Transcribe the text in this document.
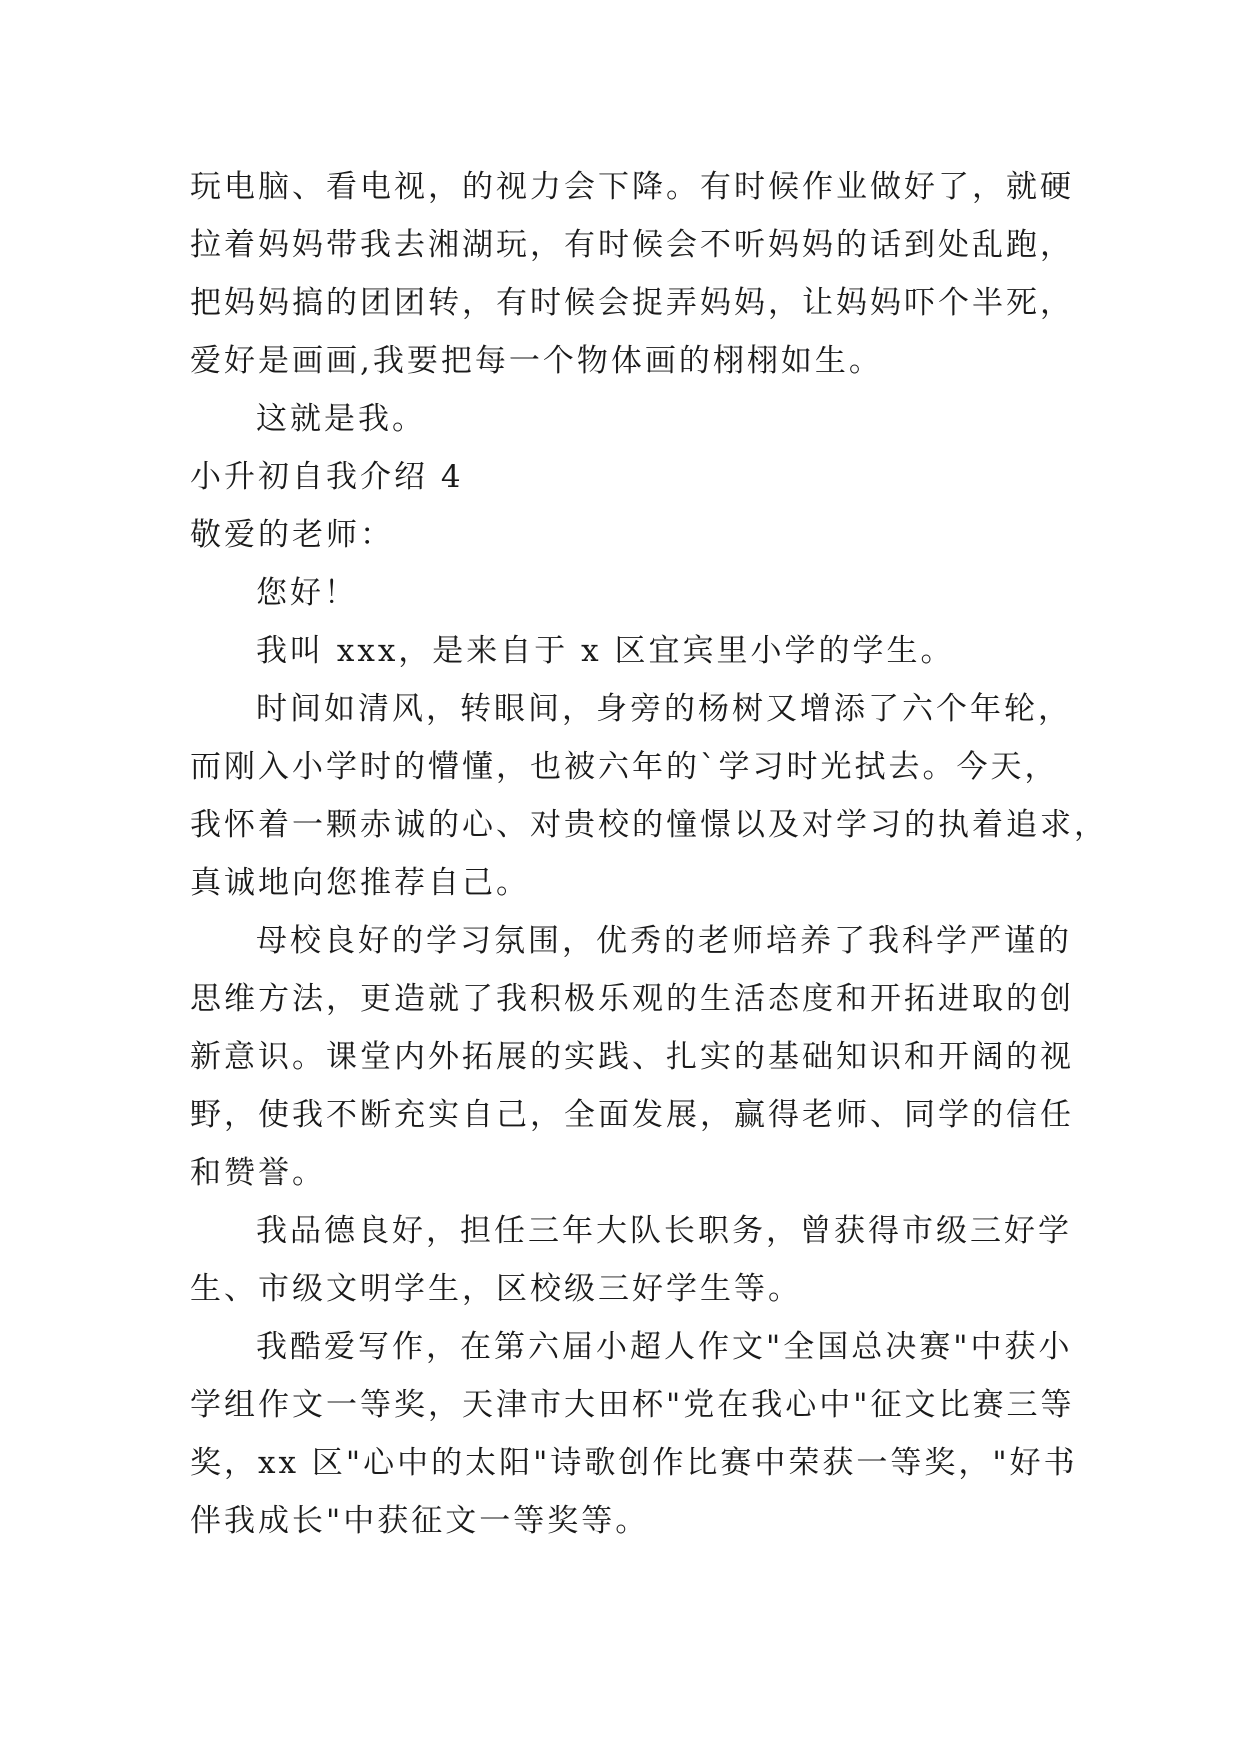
玩电脑、看电视，的视力会下降。有时候作业做好了，就硬
拉着妈妈带我去湘湖玩，有时候会不听妈妈的话到处乱跑，
把妈妈搞的团团转，有时候会捉弄妈妈，让妈妈吓个半死，
爱好是画画,我要把每一个物体画的栩栩如生。
这就是我。
小升初自我介绍 4
敬爱的老师：
您好！
我叫 xxx，是来自于 x 区宜宾里小学的学生。
时间如清风，转眼间，身旁的杨树又增添了六个年轮，
而刚入小学时的懵懂，也被六年的`学习时光拭去。今天，
我怀着一颗赤诚的心、对贵校的憧憬以及对学习的执着追求，
真诚地向您推荐自己。
母校良好的学习氛围，优秀的老师培养了我科学严谨的
思维方法，更造就了我积极乐观的生活态度和开拓进取的创
新意识。课堂内外拓展的实践、扎实的基础知识和开阔的视
野，使我不断充实自己，全面发展，赢得老师、同学的信任
和赞誉。
我品德良好，担任三年大队长职务，曾获得市级三好学
生、市级文明学生，区校级三好学生等。
我酷爱写作，在第六届小超人作文"全国总决赛"中获小
学组作文一等奖，天津市大田杯"党在我心中"征文比赛三等
奖，xx 区"心中的太阳"诗歌创作比赛中荣获一等奖，"好书
伴我成长"中获征文一等奖等。
